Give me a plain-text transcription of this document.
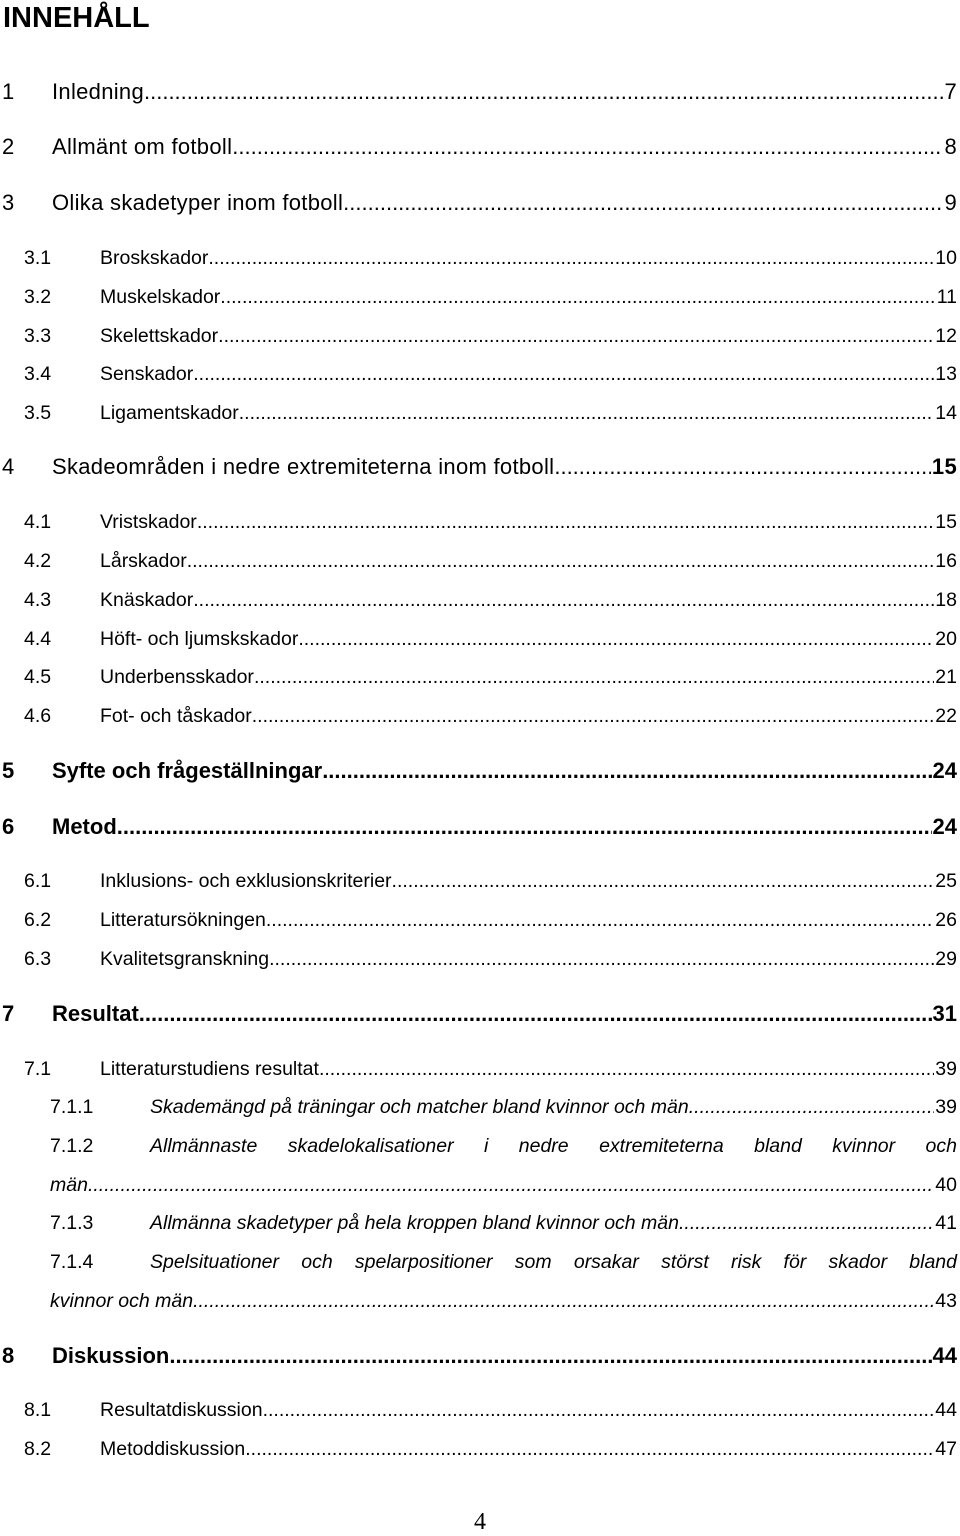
INNEHÅLL
1	Inledning .....	7
2	Allmänt om fotboll .....	8
3	Olika skadetyper inom fotboll .....	9
3.1	Broskskador .....	10
3.2	Muskelskador .....	11
3.3	Skelettskador .....	12
3.4	Senskador .....	13
3.5	Ligamentskador .....	14
4	Skadeområden i nedre extremiteterna inom fotboll .....	15
4.1	Vristskador .....	15
4.2	Lårskador .....	16
4.3	Knäskador .....	18
4.4	Höft- och ljumskskador .....	20
4.5	Underbensskador .....	21
4.6	Fot- och tåskador .....	22
5	Syfte och frågeställningar .....	24
6	Metod .....	24
6.1	Inklusions- och exklusionskriterier .....	25
6.2	Litteratursökningen .....	26
6.3	Kvalitetsgranskning .....	29
7	Resultat .....	31
7.1	Litteraturstudiens resultat .....	39
7.1.1	Skademängd på träningar och matcher bland kvinnor och män .....	39
7.1.2	Allmännaste skadelokalisationer i nedre extremiteterna bland kvinnor och
män .....	40
7.1.3	Allmänna skadetyper på hela kroppen bland kvinnor och män .....	41
7.1.4	Spelsituationer och spelarpositioner som orsakar störst risk för skador bland
kvinnor och män .....	43
8	Diskussion .....	44
8.1	Resultatdiskussion .....	44
8.2	Metoddiskussion .....	47
4
